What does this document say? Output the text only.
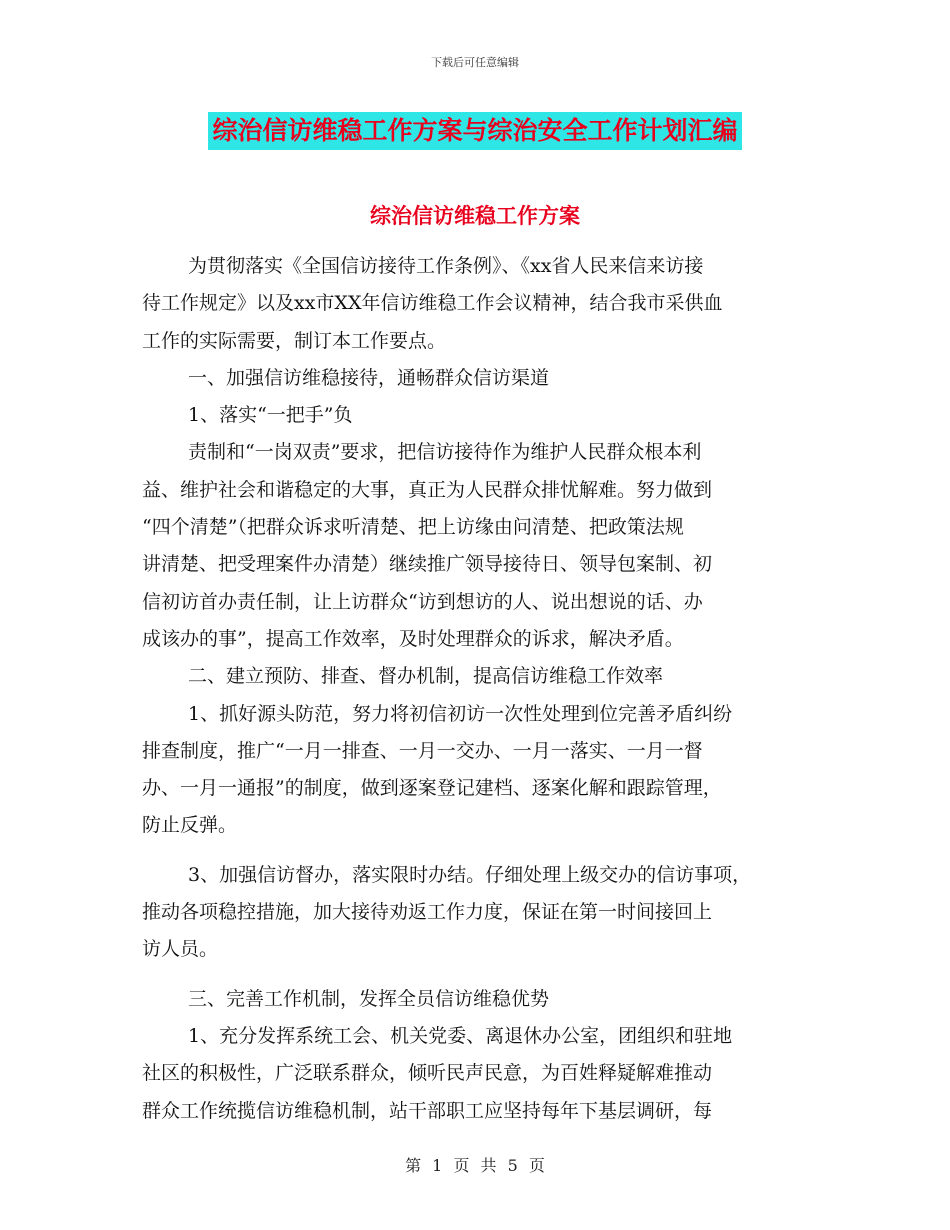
下载后可任意编辑
综治信访维稳工作方案与综治安全工作计划汇编
综治信访维稳工作方案
为贯彻落实《全国信访接待工作条例》、《xx省人民来信来访接
待工作规定》以及xx市XX年信访维稳工作会议精神，结合我市采供血
工作的实际需要，制订本工作要点。
一、加强信访维稳接待，通畅群众信访渠道
1、落实“一把手”负
责制和“一岗双责”要求，把信访接待作为维护人民群众根本利
益、维护社会和谐稳定的大事，真正为人民群众排忧解难。努力做到
“四个清楚”（把群众诉求听清楚、把上访缘由问清楚、把政策法规
讲清楚、把受理案件办清楚）继续推广领导接待日、领导包案制、初
信初访首办责任制，让上访群众“访到想访的人、说出想说的话、办
成该办的事”，提高工作效率，及时处理群众的诉求，解决矛盾。
二、建立预防、排查、督办机制，提高信访维稳工作效率
1、抓好源头防范，努力将初信初访一次性处理到位完善矛盾纠纷
排查制度，推广“一月一排查、一月一交办、一月一落实、一月一督
办、一月一通报”的制度，做到逐案登记建档、逐案化解和跟踪管理，
防止反弹。
3、加强信访督办，落实限时办结。仔细处理上级交办的信访事项，
推动各项稳控措施，加大接待劝返工作力度，保证在第一时间接回上
访人员。
三、完善工作机制，发挥全员信访维稳优势
1、充分发挥系统工会、机关党委、离退休办公室，团组织和驻地
社区的积极性，广泛联系群众，倾听民声民意，为百姓释疑解难推动
群众工作统揽信访维稳机制，站干部职工应坚持每年下基层调研，每
第 1 页 共 5 页
